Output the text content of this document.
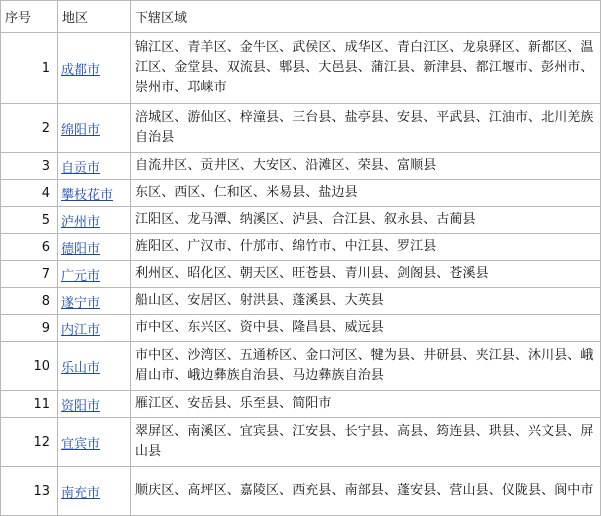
序号	地区	下辖区域
1	成都市	锦江区、青羊区、金牛区、武侯区、成华区、青白江区、龙泉驿区、新都区、温江区、金堂县、双流县、郫县、大邑县、蒲江县、新津县、都江堰市、彭州市、崇州市、邛崃市
2	绵阳市	涪城区、游仙区、梓潼县、三台县、盐亭县、安县、平武县、江油市、北川羌族自治县
3	自贡市	自流井区、贡井区、大安区、沿滩区、荣县、富顺县
4	攀枝花市	东区、西区、仁和区、米易县、盐边县
5	泸州市	江阳区、龙马潭、纳溪区、泸县、合江县、叙永县、古蔺县
6	德阳市	旌阳区、广汉市、什邡市、绵竹市、中江县、罗江县
7	广元市	利州区、昭化区、朝天区、旺苍县、青川县、剑阁县、苍溪县
8	遂宁市	船山区、安居区、射洪县、蓬溪县、大英县
9	内江市	市中区、东兴区、资中县、隆昌县、威远县
10	乐山市	市中区、沙湾区、五通桥区、金口河区、犍为县、井研县、夹江县、沐川县、峨眉山市、峨边彝族自治县、马边彝族自治县
11	资阳市	雁江区、安岳县、乐至县、简阳市
12	宜宾市	翠屏区、南溪区、宜宾县、江安县、长宁县、高县、筠连县、珙县、兴文县、屏山县
13	南充市	顺庆区、高坪区、嘉陵区、西充县、南部县、蓬安县、营山县、仪陇县、阆中市
